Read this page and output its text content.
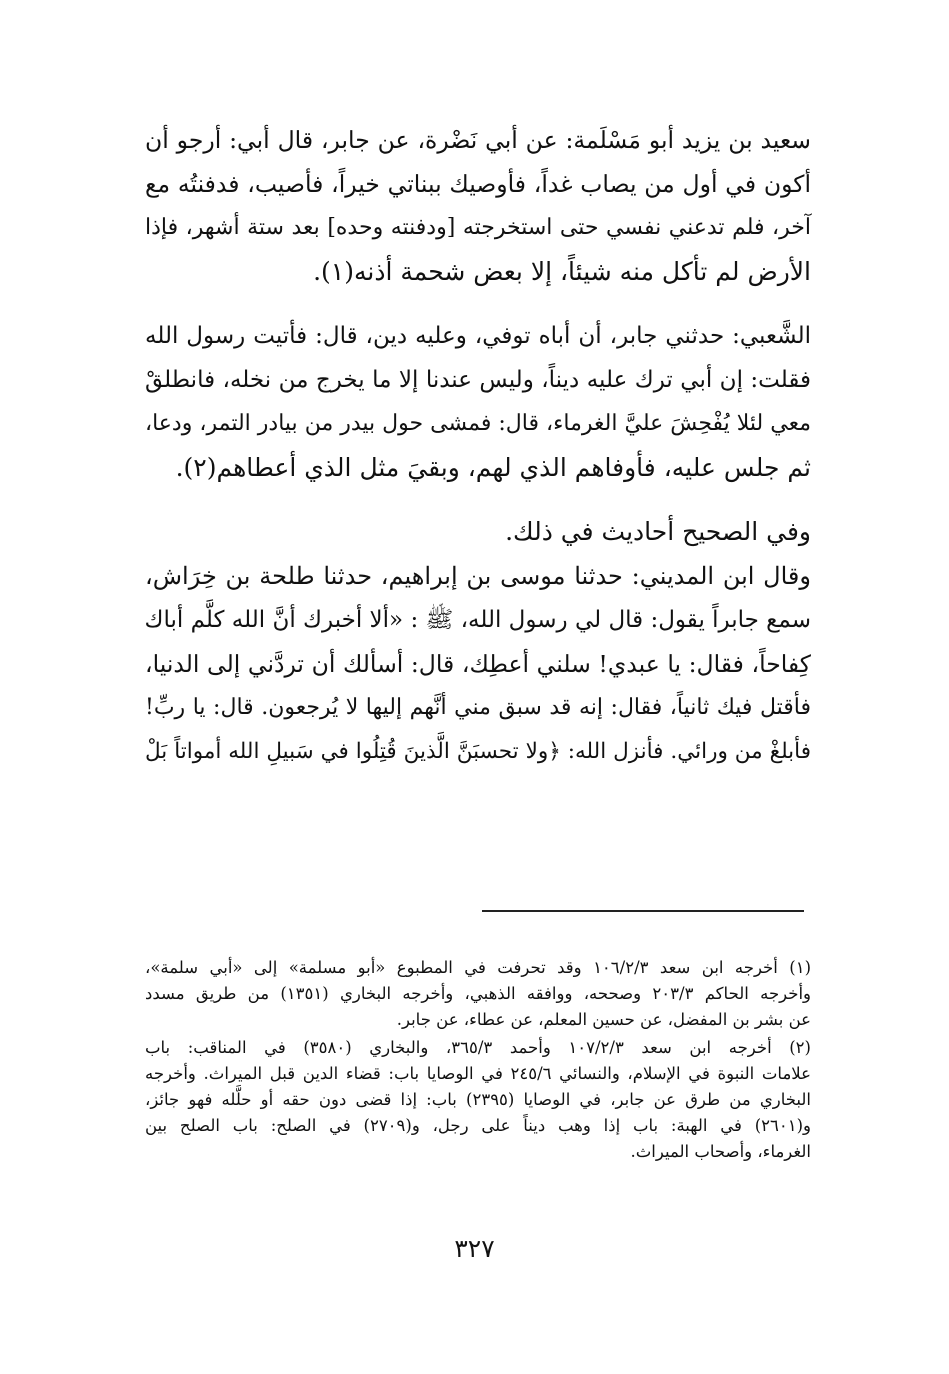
سعيد بن يزيد أبو مَسْلَمة: عن أبي نَضْرة، عن جابر، قال أبي: أرجو أن
أكون في أول من يصاب غداً، فأوصيك ببناتي خيراً، فأصيب، فدفنتُه مع
آخر، فلم تدعني نفسي حتى استخرجته [ودفنته وحده] بعد ستة أشهر، فإذا
الأرض لم تأكل منه شيئاً، إلا بعض شحمة أذنه(١).
الشَّعبي: حدثني جابر، أن أباه توفي، وعليه دين، قال: فأتيت رسول الله
فقلت: إن أبي ترك عليه ديناً، وليس عندنا إلا ما يخرج من نخله، فانطلقْ
معي لئلا يُفْحِشَ عليَّ الغرماء، قال: فمشى حول بيدر من بيادر التمر، ودعا،
ثم جلس عليه، فأوفاهم الذي لهم، وبقيَ مثل الذي أعطاهم(٢).
وفي الصحيح أحاديث في ذلك.
وقال ابن المديني: حدثنا موسى بن إبراهيم، حدثنا طلحة بن خِرَاش،
سمع جابراً يقول: قال لي رسول الله، ﷺ : «ألا أخبرك أنَّ الله كلَّم أباك
كِفاحاً، فقال: يا عبدي! سلني أعطِك، قال: أسألك أن تردَّني إلى الدنيا،
فأقتل فيك ثانياً، فقال: إنه قد سبق مني أنَّهم إليها لا يُرجعون. قال: يا ربِّ!
فأبلغْ من ورائي. فأنزل الله: ﴿ولا تحسبَنَّ الَّذينَ قُتِلُوا في سَبيلِ الله أمواتاً بَلْ
(١) أخرجه ابن سعد ١٠٦/٢/٣ وقد تحرفت في المطبوع «أبو مسلمة» إلى «أبي سلمة»،
وأخرجه الحاكم ٢٠٣/٣ وصححه، ووافقه الذهبي، وأخرجه البخاري (١٣٥١) من طريق مسدد
عن بشر بن المفضل، عن حسين المعلم، عن عطاء، عن جابر.
(٢) أخرجه ابن سعد ١٠٧/٢/٣ وأحمد ٣٦٥/٣، والبخاري (٣٥٨٠) في المناقب: باب
علامات النبوة في الإسلام، والنسائي ٢٤٥/٦ في الوصايا باب: قضاء الدين قبل الميراث. وأخرجه
البخاري من طرق عن جابر، في الوصايا (٢٣٩٥) باب: إذا قضى دون حقه أو حلَّله فهو جائز،
و(٢٦٠١) في الهبة: باب إذا وهب ديناً على رجل، و(٢٧٠٩) في الصلح: باب الصلح بين
الغرماء، وأصحاب الميراث.
٣٢٧
